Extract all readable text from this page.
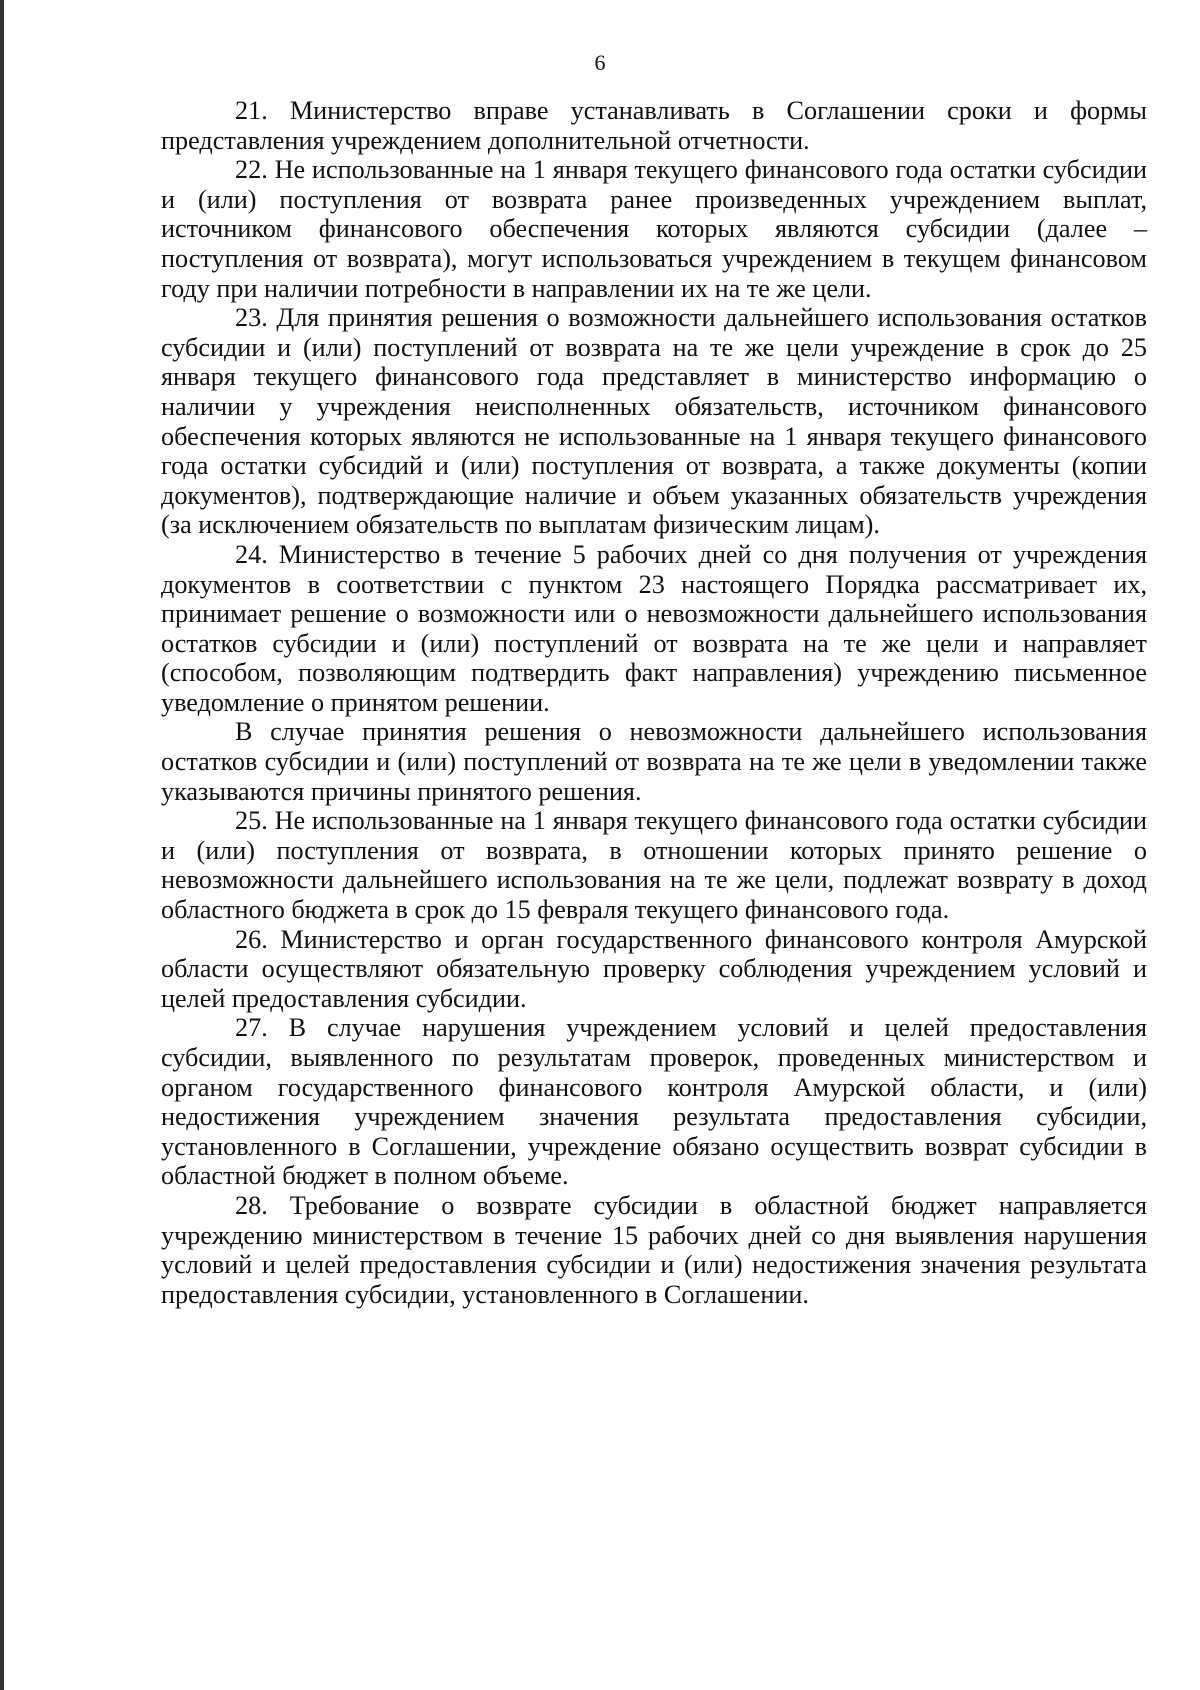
6

21. Министерство вправе устанавливать в Соглашении сроки и формы представления учреждением дополнительной отчетности.

22. Не использованные на 1 января текущего финансового года остатки субсидии и (или) поступления от возврата ранее произведенных учреждением выплат, источником финансового обеспечения которых являются субсидии (далее – поступления от возврата), могут использоваться учреждением в текущем финансовом году при наличии потребности в направлении их на те же цели.

23. Для принятия решения о возможности дальнейшего использования остатков субсидии и (или) поступлений от возврата на те же цели учреждение в срок до 25 января текущего финансового года представляет в министерство информацию о наличии у учреждения неисполненных обязательств, источником финансового обеспечения которых являются не использованные на 1 января текущего финансового года остатки субсидий и (или) поступления от возврата, а также документы (копии документов), подтверждающие наличие и объем указанных обязательств учреждения (за исключением обязательств по выплатам физическим лицам).

24. Министерство в течение 5 рабочих дней со дня получения от учреждения документов в соответствии с пунктом 23 настоящего Порядка рассматривает их, принимает решение о возможности или о невозможности дальнейшего использования остатков субсидии и (или) поступлений от возврата на те же цели и направляет (способом, позволяющим подтвердить факт направления) учреждению письменное уведомление о принятом решении.

В случае принятия решения о невозможности дальнейшего использования остатков субсидии и (или) поступлений от возврата на те же цели в уведомлении также указываются причины принятого решения.

25. Не использованные на 1 января текущего финансового года остатки субсидии и (или) поступления от возврата, в отношении которых принято решение о невозможности дальнейшего использования на те же цели, подлежат возврату в доход областного бюджета в срок до 15 февраля текущего финансового года.

26. Министерство и орган государственного финансового контроля Амурской области осуществляют обязательную проверку соблюдения учреждением условий и целей предоставления субсидии.

27. В случае нарушения учреждением условий и целей предоставления субсидии, выявленного по результатам проверок, проведенных министерством и органом государственного финансового контроля Амурской области, и (или) недостижения учреждением значения результата предоставления субсидии, установленного в Соглашении, учреждение обязано осуществить возврат субсидии в областной бюджет в полном объеме.

28. Требование о возврате субсидии в областной бюджет направляется учреждению министерством в течение 15 рабочих дней со дня выявления нарушения условий и целей предоставления субсидии и (или) недостижения значения результата предоставления субсидии, установленного в Соглашении.
